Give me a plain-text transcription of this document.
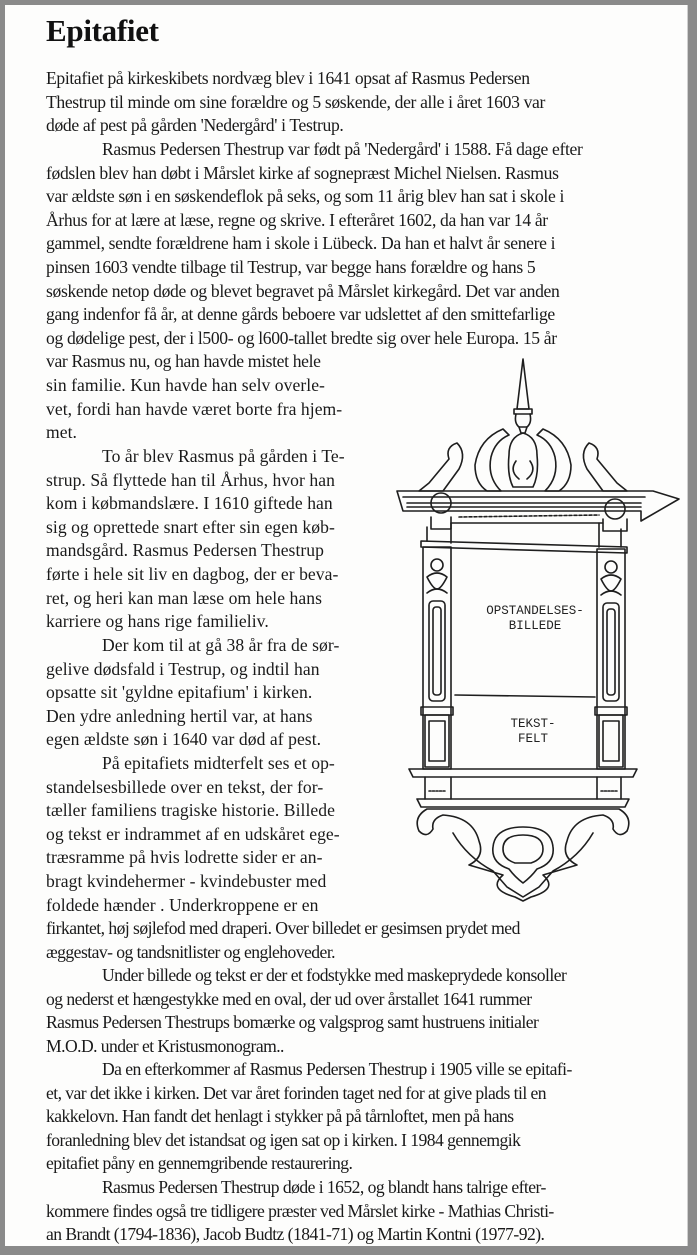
Epitafiet

Epitafiet på kirkeskibets nordvæg blev i 1641 opsat af Rasmus Pedersen
Thestrup til minde om sine forældre og 5 søskende, der alle i året 1603 var
døde af pest på gården 'Nedergård' i Testrup.

Rasmus Pedersen Thestrup var født på 'Nedergård' i 1588. Få dage efter
fødslen blev han døbt i Mårslet kirke af sognepræst Michel Nielsen. Rasmus
var ældste søn i en søskendeflok på seks, og som 11 årig blev han sat i skole i
Århus for at lære at læse, regne og skrive. I efteråret 1602, da han var 14 år
gammel, sendte forældrene ham i skole i Lübeck. Da han et halvt år senere i
pinsen 1603 vendte tilbage til Testrup, var begge hans forældre og hans 5
søskende netop døde og blevet begravet på Mårslet kirkegård. Det var anden
gang indenfor få år, at denne gårds beboere var udslettet af den smittefarlige
og dødelige pest, der i l500- og l600-tallet bredte sig over hele Europa. 15 år
var Rasmus nu, og han havde mistet hele
sin familie. Kun havde han selv overle-
vet, fordi han havde været borte fra hjem-
met.

To år blev Rasmus på gården i Te-
strup. Så flyttede han til Århus, hvor han
kom i købmandslære. I 1610 giftede han
sig og oprettede snart efter sin egen køb-
mandsgård. Rasmus Pedersen Thestrup
førte i hele sit liv en dagbog, der er beva-
ret, og heri kan man læse om hele hans
karriere og hans rige familieliv.

Der kom til at gå 38 år fra de sør-
gelive dødsfald i Testrup, og indtil han
opsatte sit 'gyldne epitafium' i kirken.
Den ydre anledning hertil var, at hans
egen ældste søn i 1640 var død af pest.

På epitafiets midterfelt ses et op-
standelsesbillede over en tekst, der for-
tæller familiens tragiske historie. Billede
og tekst er indrammet af en udskåret ege-
træsramme på hvis lodrette sider er an-
bragt kvindehermer - kvindebuster med
foldede hænder . Underkroppene er en
firkantet, høj søjlefod med draperi. Over billedet er gesimsen prydet med
æggestav- og tandsnitlister og englehoveder.

Under billede og tekst er der et fodstykke med maskeprydede konsoller
og nederst et hængestykke med en oval, der ud over årstallet 1641 rummer
Rasmus Pedersen Thestrups bomærke og valgsprog samt hustruens initialer
M.O.D. under et Kristusmonogram..

Da en efterkommer af Rasmus Pedersen Thestrup i 1905 ville se epitafi-
et, var det ikke i kirken. Det var året forinden taget ned for at give plads til en
kakkelovn. Han fandt det henlagt i stykker på på tårnloftet, men på hans
foranledning blev det istandsat og igen sat op i kirken. I 1984 gennemgik
epitafiet påny en gennemgribende restaurering.

Rasmus Pedersen Thestrup døde i 1652, og blandt hans talrige efter-
kommere findes også tre tidligere præster ved Mårslet kirke - Mathias Christi-
an Brandt (1794-1836), Jacob Budtz (1841-71) og Martin Kontni (1977-92).

OPSTANDELSES-
BILLEDE
TEKST-
FELT
